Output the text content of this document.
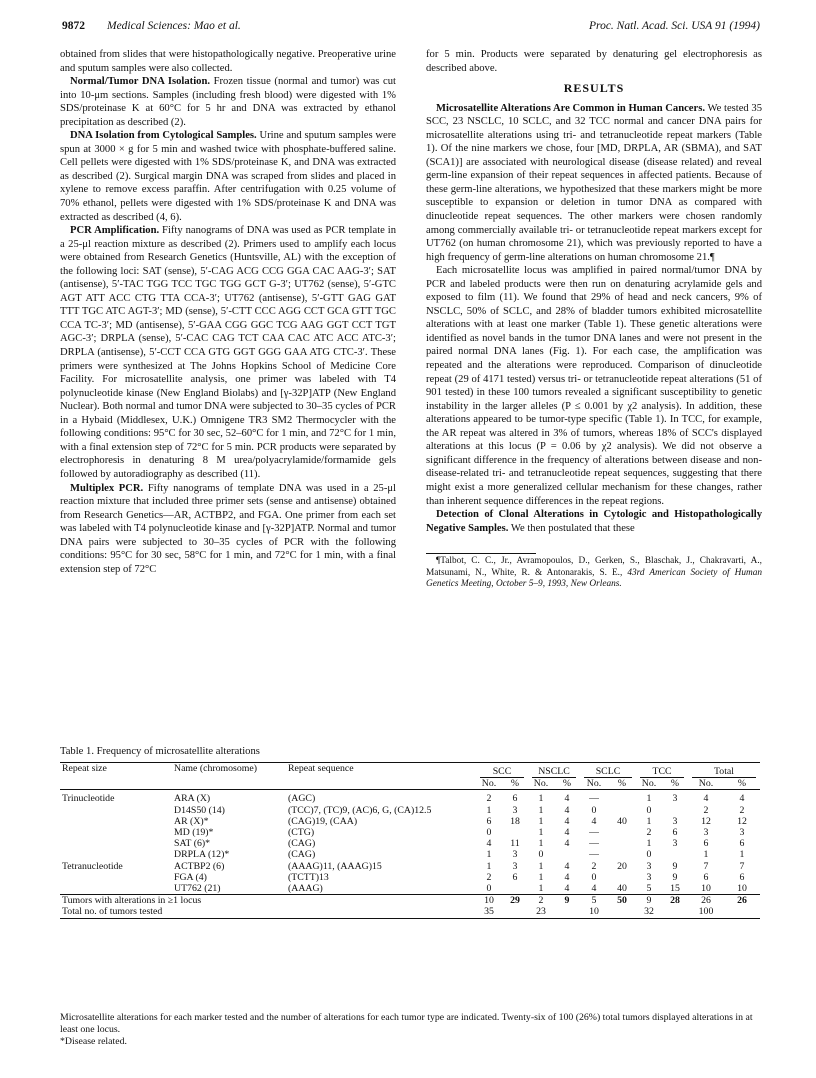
9872 Medical Sciences: Mao et al.	Proc. Natl. Acad. Sci. USA 91 (1994)

obtained from slides that were histopathologically negative. Preoperative urine and sputum samples were also collected.

Normal/Tumor DNA Isolation. Frozen tissue (normal and tumor) was cut into 10-μm sections. Samples (including fresh blood) were digested with 1% SDS/proteinase K at 60°C for 5 hr and DNA was extracted by ethanol precipitation as described (2).

DNA Isolation from Cytological Samples. Urine and sputum samples were spun at 3000 × g for 5 min and washed twice with phosphate-buffered saline. Cell pellets were digested with 1% SDS/proteinase K, and DNA was extracted as described (2). Surgical margin DNA was scraped from slides and placed in xylene to remove excess paraffin. After centrifugation with 0.25 volume of 70% ethanol, pellets were digested with 1% SDS/proteinase K and DNA was extracted as described (4, 6).

PCR Amplification. Fifty nanograms of DNA was used as PCR template in a 25-μl reaction mixture as described (2). Primers used to amplify each locus were obtained from Research Genetics (Huntsville, AL) with the exception of the following loci: SAT (sense), 5′-CAG ACG CCG GGA CAC AAG-3′; SAT (antisense), 5′-TAC TGG TCC TGC TGG GCT G-3′; UT762 (sense), 5′-GTC AGT ATT ACC CTG TTA CCA-3′; UT762 (antisense), 5′-GTT GAG GAT TTT TGC ATC AGT-3′; MD (sense), 5′-CTT CCC AGG CCT GCA GTT TGC CCA TC-3′; MD (antisense), 5′-GAA CGG GGC TCG AAG GGT CCT TGT AGC-3′; DRPLA (sense), 5′-CAC CAG TCT CAA CAC ATC ACC ATC-3′; DRPLA (antisense), 5′-CCT CCA GTG GGT GGG GAA ATG CTC-3′. These primers were synthesized at The Johns Hopkins School of Medicine Core Facility. For microsatellite analysis, one primer was labeled with T4 polynucleotide kinase (New England Biolabs) and [γ-32P]ATP (New England Nuclear). Both normal and tumor DNA were subjected to 30–35 cycles of PCR in a Hybaid (Middlesex, U.K.) Omnigene TR3 SM2 Thermocycler with the following conditions: 95°C for 30 sec, 52–60°C for 1 min, and 72°C for 1 min, with a final extension step of 72°C for 5 min. PCR products were separated by electrophoresis in denaturing 8 M urea/polyacrylamide/formamide gels followed by autoradiography as described (11).

Multiplex PCR. Fifty nanograms of template DNA was used in a 25-μl reaction mixture that included three primer sets (sense and antisense) obtained from Research Genetics—AR, ACTBP2, and FGA. One primer from each set was labeled with T4 polynucleotide kinase and [γ-32P]ATP. Normal and tumor DNA pairs were subjected to 30–35 cycles of PCR with the following conditions: 95°C for 30 sec, 58°C for 1 min, and 72°C for 1 min, with a final extension step of 72°C

for 5 min. Products were separated by denaturing gel electrophoresis as described above.

RESULTS

Microsatellite Alterations Are Common in Human Cancers. We tested 35 SCC, 23 NSCLC, 10 SCLC, and 32 TCC normal and cancer DNA pairs for microsatellite alterations using tri- and tetranucleotide repeat markers (Table 1). Of the nine markers we chose, four [MD, DRPLA, AR (SBMA), and SAT (SCA1)] are associated with neurological disease (disease related) and reveal germ-line expansion of their repeat sequences in affected patients. Because of these germ-line alterations, we hypothesized that these markers might be more susceptible to expansion or deletion in tumor DNA as compared with dinucleotide repeat sequences. The other markers were chosen randomly among commercially available tri- or tetranucleotide repeat markers except for UT762 (on human chromosome 21), which was previously reported to have a high frequency of germ-line alterations on human chromosome 21.¶

Each microsatellite locus was amplified in paired normal/tumor DNA by PCR and labeled products were then run on denaturing acrylamide gels and exposed to film (11). We found that 29% of head and neck cancers, 9% of NSCLC, 50% of SCLC, and 28% of bladder tumors exhibited microsatellite alterations with at least one marker (Table 1). These genetic alterations were identified as novel bands in the tumor DNA lanes and were not present in the paired normal DNA lanes (Fig. 1). For each case, the amplification was repeated and the alterations were reproduced. Comparison of dinucleotide repeat (29 of 4171 tested) versus tri- or tetranucleotide repeat alterations (51 of 901 tested) in these 100 tumors revealed a significant susceptibility to genetic instability in the larger alleles (P ≤ 0.001 by χ2 analysis). In addition, these alterations appeared to be tumor-type specific (Table 1). In TCC, for example, the AR repeat was altered in 3% of tumors, whereas 18% of SCC's displayed alterations at this locus (P = 0.06 by χ2 analysis). We did not observe a significant difference in the frequency of alterations between disease and non-disease-related tri- and tetranucleotide repeat sequences, suggesting that there might exist a more generalized cellular mechanism for these changes, rather than inherent sequence differences in the repeat regions.

Detection of Clonal Alterations in Cytologic and Histopathologically Negative Samples. We then postulated that these

¶Talbot, C. C., Jr., Avramopoulos, D., Gerken, S., Blaschak, J., Chakravarti, A., Matsunami, N., White, R. & Antonarakis, S. E., 43rd American Society of Human Genetics Meeting, October 5–9, 1993, New Orleans.

Table 1. Frequency of microsatellite alterations
Repeat size	Name (chromosome)	Repeat sequence	SCC		NSCLC		SCLC		TCC		Total	

			No.	%	No.	%	No.	%	No.	%	No.	%
Trinucleotide	ARA (X)	(AGC)	2	6	1	4	—		1	3	4	4
	D14S50 (14)	(TCC)7, (TC)9, (AC)6, G, (CA)12.5	1	3	1	4	0		0		2	2
	AR (X)*	(CAG)19, (CAA)	6	18	1	4	4	40	1	3	12	12
	MD (19)*	(CTG)	0		1	4	—		2	6	3	3
	SAT (6)*	(CAG)	4	11	1	4	—		1	3	6	6
	DRPLA (12)*	(CAG)	1	3	0		—		0		1	1
Tetranucleotide	ACTBP2 (6)	(AAAG)11, (AAAG)15	1	3	1	4	2	20	3	9	7	7
	FGA (4)	(TCTT)13	2	6	1	4	0		3	9	6	6
	UT762 (21)	(AAAG)	0		1	4	4	40	5	15	10	10
Tumors with alterations in ≥1 locus			10	29	2	9	5	50	9	28	26	26
Total no. of tumors tested			35		23		10		32		100	

Microsatellite alterations for each marker tested and the number of alterations for each tumor type are indicated. Twenty-six of 100 (26%) total tumors displayed alterations in at least one locus.

*Disease related.
